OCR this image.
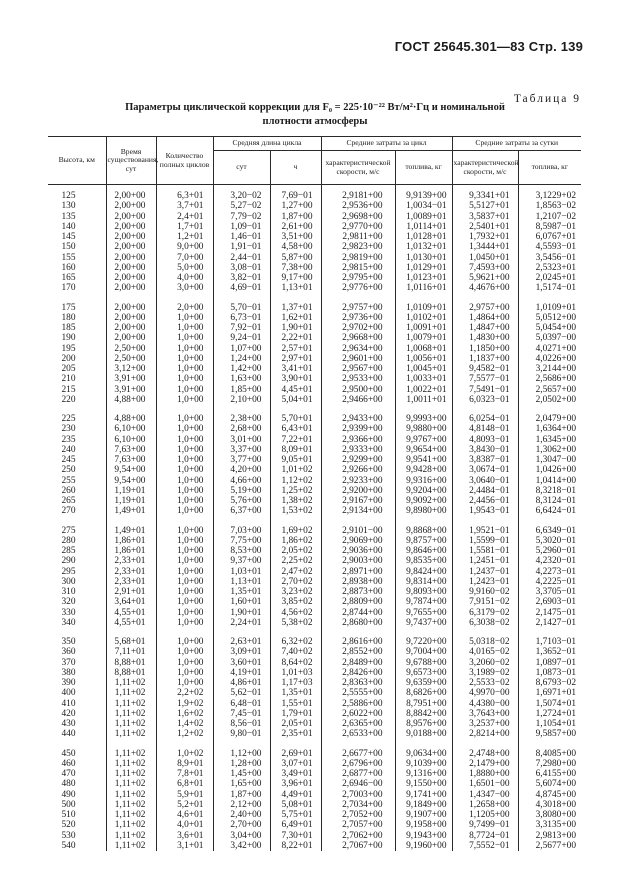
ГОСТ 25645.301—83 Стр. 139
Таблица 9
Параметры циклической коррекции для F₀ = 225·10⁻²² Вт/м²·Гц и номинальной
плотности атмосферы
Высота, км	Время существования, сут	Количество полных циклов	Средняя длина цикла		Средние затраты за цикл		Средние затраты за сутки	
			сут	ч	характеристической скорости, м/с	топлива, кг	характеристической скорости, м/с	топлива, кг
125	2,00+00	6,3+01	3,20−02	7,69−01	2,9181+00	9,9139+00	9,3341+01	3,1229+02
130	2,00+00	3,7+01	5,27−02	1,27+00	2,9536+00	1,0034−01	5,5127+01	1,8563−02
135	2,00+00	2,4+01	7,79−02	1,87+00	2,9698+00	1,0089+01	3,5837+01	1,2107−02
140	2,00+00	1,7+01	1,09−01	2,61+00	2,9770+00	1,0114+01	2,5401+01	8,5987−01
145	2,00+00	1,2+01	1,46−01	3,51+00	2,9811+00	1,0128+01	1,7932+01	6,0767+01
150	2,00+00	9,0+00	1,91−01	4,58+00	2,9823+00	1,0132+01	1,3444+01	4,5593−01
155	2,00+00	7,0+00	2,44−01	5,87+00	2,9819+00	1,0130+01	1,0450+01	3,5456−01
160	2,00+00	5,0+00	3,08−01	7,38+00	2,9815+00	1,0129+01	7,4593+00	2,5323+01
165	2,00+00	4,0+00	3,82−01	9,17+00	2,9795+00	1,0123+01	5,9621+00	2,0245+01
170	2,00+00	3,0+00	4,69−01	1,13+01	2,9776+00	1,0116+01	4,4676+00	1,5174−01

175	2,00+00	2,0+00	5,70−01	1,37+01	2,9757+00	1,0109+01	2,9757+00	1,0109+01
180	2,00+00	1,0+00	6,73−01	1,62+01	2,9736+00	1,0102+01	1,4864+00	5,0512+00
185	2,00+00	1,0+00	7,92−01	1,90+01	2,9702+00	1,0091+01	1,4847+00	5,0454+00
190	2,00+00	1,0+00	9,24−01	2,22+01	2,9668+00	1,0079+01	1,4830+00	5,0397−00
195	2,50+00	1,0+00	1,07+00	2,57+01	2,9634+00	1,0068+01	1,1850+00	4,0271+00
200	2,50+00	1,0+00	1,24+00	2,97+01	2,9601+00	1,0056+01	1,1837+00	4,0226+00
205	3,12+00	1,0+00	1,42+00	3,41+01	2,9567+00	1,0045+01	9,4582−01	3,2144+00
210	3,91+00	1,0+00	1,63+00	3,90+01	2,9533+00	1,0033+01	7,5577−01	2,5686+00
215	3,91+00	1,0+00	1,85+00	4,45+01	2,9500+00	1,0022+01	7,5491−01	2,5657+00
220	4,88+00	1,0+00	2,10+00	5,04+01	2,9466+00	1,0011+01	6,0323−01	2,0502+00

225	4,88+00	1,0+00	2,38+00	5,70+01	2,9433+00	9,9993+00	6,0254−01	2,0479+00
230	6,10+00	1,0+00	2,68+00	6,43+01	2,9399+00	9,9880+00	4,8148−01	1,6364+00
235	6,10+00	1,0+00	3,01+00	7,22+01	2,9366+00	9,9767+00	4,8093−01	1,6345+00
240	7,63+00	1,0+00	3,37+00	8,09+01	2,9333+00	9,9654+00	3,8430−01	1,3062+00
245	7,63+00	1,0+00	3,77+00	9,05+01	2,9299+00	9,9541+00	3,8387−01	1,3047−00
250	9,54+00	1,0+00	4,20+00	1,01+02	2,9266+00	9,9428+00	3,0674−01	1,0426+00
255	9,54+00	1,0+00	4,66+00	1,12+02	2,9233+00	9,9316+00	3,0640−01	1,0414+00
260	1,19+01	1,0+00	5,19+00	1,25+02	2,9200+00	9,9204+00	2,4484−01	8,3218−01
265	1,19+01	1,0+00	5,76+00	1,38+02	2,9167+00	9,9092+00	2,4456−01	8,3124−01
270	1,49+01	1,0+00	6,37+00	1,53+02	2,9134+00	9,8980+00	1,9543−01	6,6424−01

275	1,49+01	1,0+00	7,03+00	1,69+02	2,9101−00	9,8868+00	1,9521−01	6,6349−01
280	1,86+01	1,0+00	7,75+00	1,86+02	2,9069+00	9,8757+00	1,5599−01	5,3020−01
285	1,86+01	1,0+00	8,53+00	2,05+02	2,9036+00	9,8646+00	1,5581−01	5,2960−01
290	2,33+01	1,0+00	9,37+00	2,25+02	2,9003+00	9,8535+00	1,2451−01	4,2320−01
295	2,33+01	1,0+00	1,03+01	2,47+02	2,8971+00	9,8424+00	1,2437−01	4,2273−01
300	2,33+01	1,0+00	1,13+01	2,70+02	2,8938+00	9,8314+00	1,2423−01	4,2225−01
310	2,91+01	1,0+00	1,35+01	3,23+02	2,8873+00	9,8093+00	9,9160−02	3,3705−01
320	3,64+01	1,0+00	1,60+01	3,85+02	2,8809+00	9,7874+00	7,9151−02	2,6903−01
330	4,55+01	1,0+00	1,90+01	4,56+02	2,8744+00	9,7655+00	6,3179−02	2,1475−01
340	4,55+01	1,0+00	2,24+01	5,38+02	2,8680+00	9,7437+00	6,3038−02	2,1427−01

350	5,68+01	1,0+00	2,63+01	6,32+02	2,8616+00	9,7220+00	5,0318−02	1,7103−01
360	7,11+01	1,0+00	3,09+01	7,40+02	2,8552+00	9,7004+00	4,0165−02	1,3652−01
370	8,88+01	1,0+00	3,60+01	8,64+02	2,8489+00	9,6788+00	3,2060−02	1,0897−01
380	8,88+01	1,0+00	4,19+01	1,01+03	2,8426+00	9,6573+00	3,1989−02	1,0873−01
390	1,11+02	1,0+00	4,86+01	1,17+03	2,8363+00	9,6359+00	2,5533−02	8,6793−02
400	1,11+02	2,2+02	5,62−01	1,35+01	2,5555+00	8,6826+00	4,9970−00	1,6971+01
410	1,11+02	1,9+02	6,48−01	1,55+01	2,5886+00	8,7951+00	4,4380−00	1,5074+01
420	1,11+02	1,6+02	7,45−01	1,79+01	2,6022+00	8,8842+00	3,7643+00	1,2724+01
430	1,11+02	1,4+02	8,56−01	2,05+01	2,6365+00	8,9576+00	3,2537+00	1,1054+01
440	1,11+02	1,2+02	9,80−01	2,35+01	2,6533+00	9,0188+00	2,8214+00	9,5857+00

450	1,11+02	1,0+02	1,12+00	2,69+01	2,6677+00	9,0634+00	2,4748+00	8,4085+00
460	1,11+02	8,9+01	1,28+00	3,07+01	2,6796+00	9,1039+00	2,1479+00	7,2980+00
470	1,11+02	7,8+01	1,45+00	3,49+01	2,6877+00	9,1316+00	1,8880+00	6,4155+00
480	1,11+02	6,8+01	1,65+00	3,96+01	2,6946−00	9,1550+00	1,6501−00	5,6074+00
490	1,11+02	5,9+01	1,87+00	4,49+01	2,7003+00	9,1741+00	1,4347−00	4,8745+00
500	1,11+02	5,2+01	2,12+00	5,08+01	2,7034+00	9,1849+00	1,2658+00	4,3018+00
510	1,11+02	4,6+01	2,40+00	5,75+01	2,7052+00	9,1907+00	1,1205+00	3,8080+00
520	1,11+02	4,0+01	2,70+00	6,49+01	2,7057+00	9,1958+00	9,7499−01	3,3135+00
530	1,11+02	3,6+01	3,04+00	7,30+01	2,7062+00	9,1943+00	8,7724−01	2,9813+00
540	1,11+02	3,1+01	3,42+00	8,22+01	2,7067+00	9,1960+00	7,5552−01	2,5677+00
